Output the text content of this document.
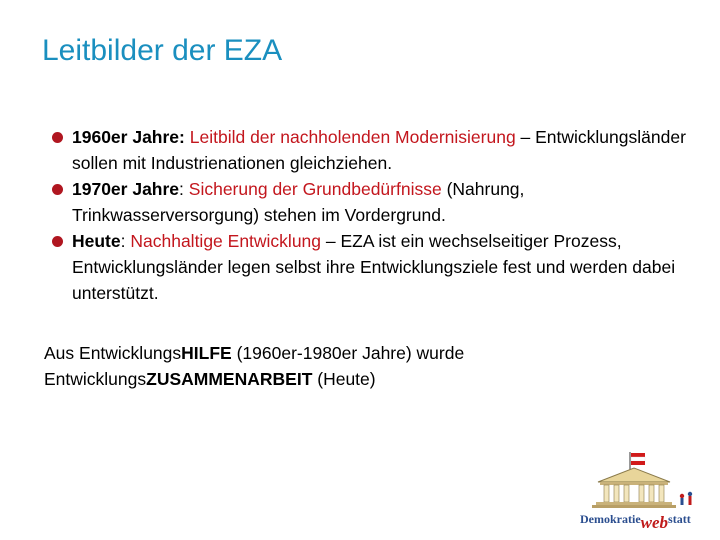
Leitbilder der EZA
1960er Jahre: Leitbild der nachholenden Modernisierung – Entwicklungsländer sollen mit Industrienationen gleichziehen.
1970er Jahre: Sicherung der Grundbedürfnisse (Nahrung, Trinkwasserversorgung) stehen im Vordergrund.
Heute: Nachhaltige Entwicklung – EZA ist ein wechselseitiger Prozess, Entwicklungsländer legen selbst ihre Entwicklungsziele fest und werden dabei unterstützt.
Aus EntwicklungsHILFE (1960er-1980er Jahre) wurde EntwicklungsZUSAMMENARBEIT (Heute)
Demokratiewebstatt
